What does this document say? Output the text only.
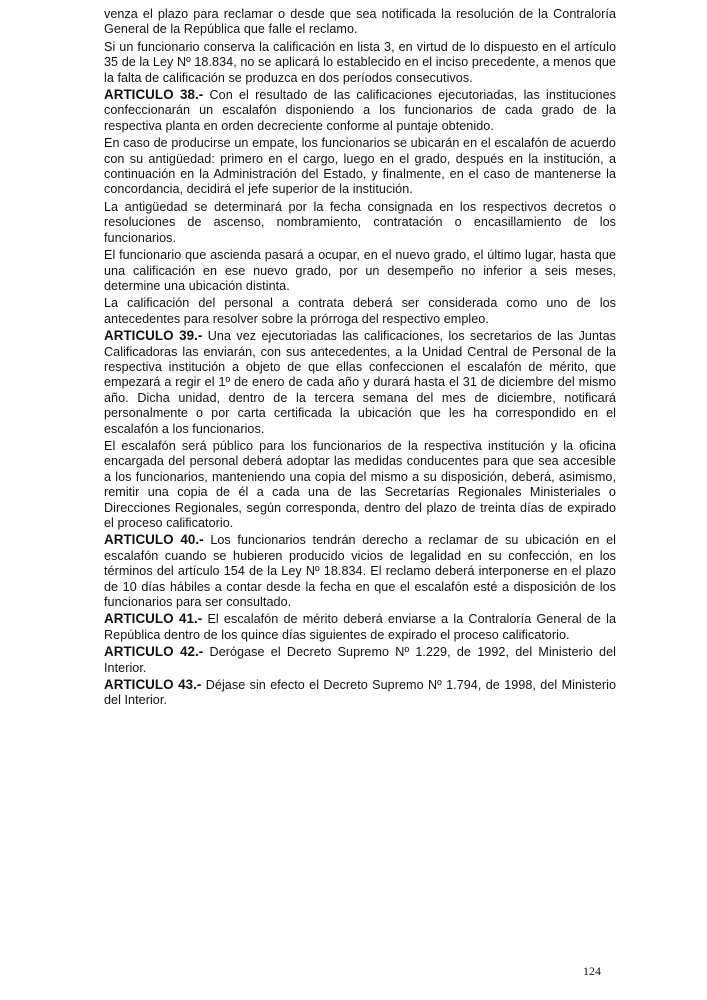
venza el plazo para reclamar o desde que sea notificada la resolución de la Contraloría General de la República que falle el reclamo.

Si un funcionario conserva la calificación en lista 3, en virtud de lo dispuesto en el artículo 35 de la Ley Nº 18.834, no se aplicará lo establecido en el inciso precedente, a menos que la falta de calificación se produzca en dos períodos consecutivos.

ARTICULO 38.- Con el resultado de las calificaciones ejecutoriadas, las instituciones confeccionarán un escalafón disponiendo a los funcionarios de cada grado de la respectiva planta en orden decreciente conforme al puntaje obtenido.

En caso de producirse un empate, los funcionarios se ubicarán en el escalafón de acuerdo con su antigüedad: primero en el cargo, luego en el grado, después en la institución, a continuación en la Administración del Estado, y finalmente, en el caso de mantenerse la concordancia, decidirá el jefe superior de la institución.

La antigüedad se determinará por la fecha consignada en los respectivos decretos o resoluciones de ascenso, nombramiento, contratación o encasillamiento de los funcionarios.

El funcionario que ascienda pasará a ocupar, en el nuevo grado, el último lugar, hasta que una calificación en ese nuevo grado, por un desempeño no inferior a seis meses, determine una ubicación distinta.

La calificación del personal a contrata deberá ser considerada como uno de los antecedentes para resolver sobre la prórroga del respectivo empleo.

ARTICULO 39.- Una vez ejecutoriadas las calificaciones, los secretarios de las Juntas Calificadoras las enviarán, con sus antecedentes, a la Unidad Central de Personal de la respectiva institución a objeto de que ellas confeccionen el escalafón de mérito, que empezará a regir el 1º de enero de cada año y durará hasta el 31 de diciembre del mismo año. Dicha unidad, dentro de la tercera semana del mes de diciembre, notificará personalmente o por carta certificada la ubicación que les ha correspondido en el escalafón a los funcionarios.

El escalafón será público para los funcionarios de la respectiva institución y la oficina encargada del personal deberá adoptar las medidas conducentes para que sea accesible a los funcionarios, manteniendo una copia del mismo a su disposición, deberá, asimismo, remitir una copia de él a cada una de las Secretarías Regionales Ministeriales o Direcciones Regionales, según corresponda, dentro del plazo de treinta días de expirado el proceso calificatorio.

ARTICULO 40.- Los funcionarios tendrán derecho a reclamar de su ubicación en el escalafón cuando se hubieren producido vicios de legalidad en su confección, en los términos del artículo 154 de la Ley Nº 18.834. El reclamo deberá interponerse en el plazo de 10 días hábiles a contar desde la fecha en que el escalafón esté a disposición de los funcionarios para ser consultado.

ARTICULO 41.- El escalafón de mérito deberá enviarse a la Contraloría General de la República dentro de los quince días siguientes de expirado el proceso calificatorio.

ARTICULO 42.- Derógase el Decreto Supremo Nº 1.229, de 1992, del Ministerio del Interior.

ARTICULO 43.- Déjase sin efecto el Decreto Supremo Nº 1.794, de 1998, del Ministerio del Interior.

124
